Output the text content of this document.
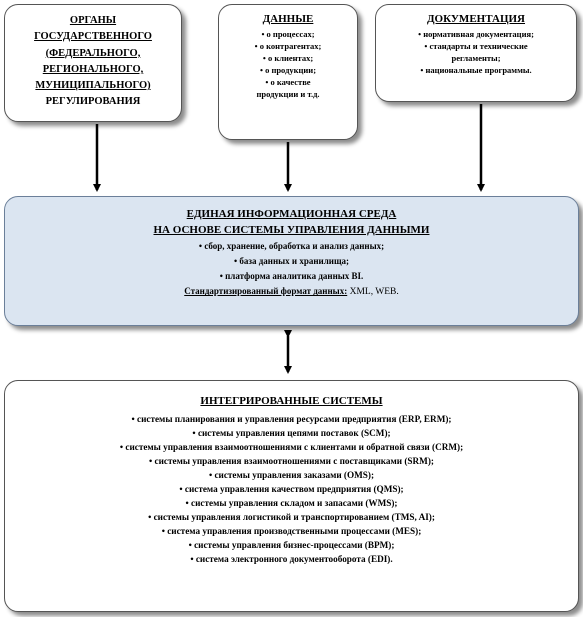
ОРГАНЫ
ГОСУДАРСТВЕННОГО
(ФЕДЕРАЛЬНОГО,
РЕГИОНАЛЬНОГО,
МУНИЦИПАЛЬНОГО)
РЕГУЛИРОВАНИЯ
ДАННЫЕ
• о процессах;
• о контрагентах;
• о клиентах;
• о продукции;
• о качестве
продукции и т.д.
ДОКУМЕНТАЦИЯ
• нормативная документация;
• стандарты и технические
регламенты;
• национальные программы.
ЕДИНАЯ ИНФОРМАЦИОННАЯ СРЕДА
НА ОСНОВЕ СИСТЕМЫ УПРАВЛЕНИЯ ДАННЫМИ
• сбор, хранение, обработка и анализ данных;
• база данных и хранилища;
• платформа аналитика данных BI.
Стандартизированный формат данных: XML, WEB.
ИНТЕГРИРОВАННЫЕ СИСТЕМЫ
• системы планирования и управления ресурсами предприятия (ERP, ERM);
• системы управления цепями поставок (SCM);
• системы управления взаимоотношениями с клиентами и обратной связи (CRM);
• системы управления взаимоотношениями с поставщиками (SRM);
• системы управления заказами (OMS);
• система управления качеством предприятия (QMS);
• системы управления складом и запасами (WMS);
• системы управления логистикой и транспортированием (TMS, AI);
• система управления производственными процессами (MES);
• системы управления бизнес-процессами (BPM);
• система электронного документооборота (EDI).
